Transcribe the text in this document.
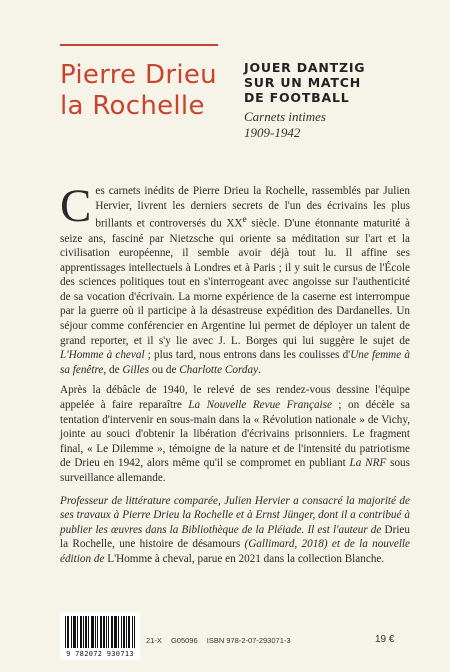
Pierre Drieu
la Rochelle
JOUER DANTZIG
SUR UN MATCH
DE FOOTBALL
Carnets intimes
1909-1942

Ces carnets inédits de Pierre Drieu la Rochelle, rassemblés par Julien Hervier, livrent les derniers secrets de l'un des écrivains les plus brillants et controversés du XXe siècle. D'une étonnante maturité à seize ans, fasciné par Nietzsche qui oriente sa méditation sur l'art et la civilisation européenne, il semble avoir déjà tout lu. Il affine ses apprentissages intellectuels à Londres et à Paris ; il y suit le cursus de l'École des sciences politiques tout en s'interrogeant avec angoisse sur l'authenticité de sa vocation d'écrivain. La morne expérience de la caserne est interrompue par la guerre où il participe à la désastreuse expédition des Dardanelles. Un séjour comme conférencier en Argentine lui permet de déployer un talent de grand reporter, et il s'y lie avec J. L. Borges qui lui suggère le sujet de L'Homme à cheval ; plus tard, nous entrons dans les coulisses d'Une femme à sa fenêtre, de Gilles ou de Charlotte Corday.

Après la débâcle de 1940, le relevé de ses rendez-vous dessine l'équipe appelée à faire reparaître La Nouvelle Revue Française ; on décèle sa tentation d'intervenir en sous-main dans la « Révolution nationale » de Vichy, jointe au souci d'obtenir la libération d'écrivains prisonniers. Le fragment final, « Le Dilemme », témoigne de la nature et de l'intensité du patriotisme de Drieu en 1942, alors même qu'il se compromet en publiant La NRF sous surveillance allemande.

Professeur de littérature comparée, Julien Hervier a consacré la majorité de ses travaux à Pierre Drieu la Rochelle et à Ernst Jünger, dont il a contribué à publier les œuvres dans la Bibliothèque de la Pléiade. Il est l'auteur de Drieu la Rochelle, une histoire de désamours (Gallimard, 2018) et de la nouvelle édition de L'Homme à cheval, parue en 2021 dans la collection Blanche.

9 782072 930713
21-X G05096 ISBN 978-2-07-293071-3	19 €
